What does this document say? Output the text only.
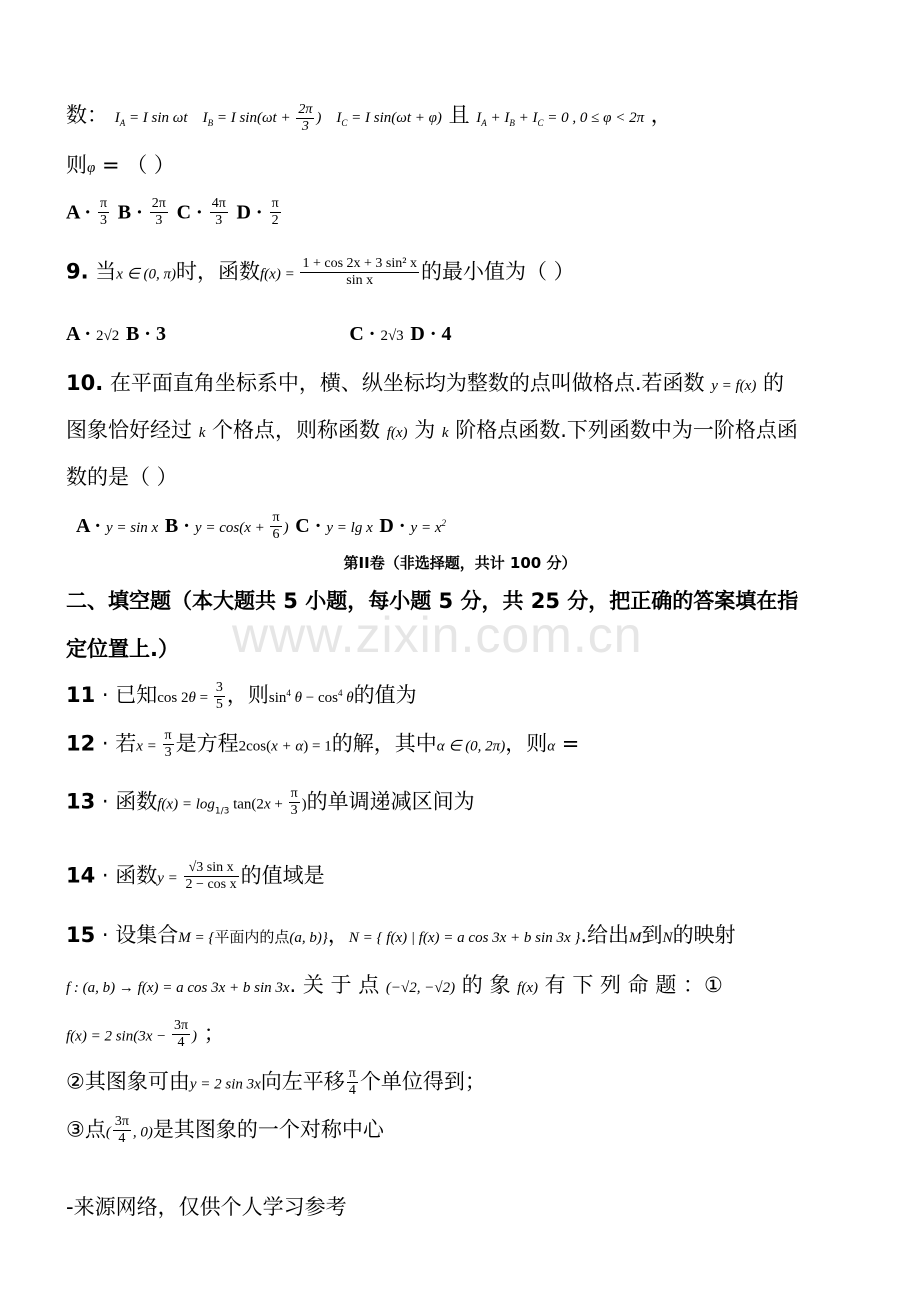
www.zixin.com.cn
数： $I_A = I$ sin ωt    $I_B = I$ $\sin(\omega t + \frac{2\pi}{3}$ )    $I_C = I$ sin(ωt + φ) 且 $I_A + I_B + I_C = 0$ , 0 ≤ φ < 2π ，
则φ = （ ）
$A \cdot \frac{\pi}{3}$ $B \cdot \frac{2\pi}{3}$ $C \cdot \frac{4\pi}{3}$ $D \cdot \frac{\pi}{2}$
9. 当x ∈ (0, π)时，函数$f(x) = \frac{\text{1 + cos 2x + 3 sin² x}}{\text{sin x}}$ 的最小值为（ ）
A · 2√2 B · 3	C · 2√3 D · 4
10. 在平面直角坐标系中，横、纵坐标均为整数的点叫做格点.若函数 y = f(x) 的
图象恰好经过 k 个格点，则称函数 f(x) 为 k 阶格点函数.下列函数中为一阶格点函
数的是（ ）
A · y = sin x $B \cdot y = \cos(x + \frac{\pi}{6}$ ) C · y = lg x $D \cdot y = x^2$
第II卷（非选择题，共计 100 分）
二、填空题（本大题共 5 小题，每小题 5 分，共 25 分，把正确的答案填在指
定位置上.）
11 · 已知$\cos 2\theta = \frac{3}{5}$ ，则$\sin^4 \theta - \cos^4 \theta$的值为
12 · 若$x = \frac{\pi}{3}$ 是方程2cos(x + α) = 1的解，其中α ∈ (0, 2π)，则α =
13 · 函数$f(x) = \log_{1/3} \tan(2x + \frac{\pi}{3}$ )的单调递减区间为
14 · 函数$y = \frac{\text{√3 sin x}}{\text{2 − cos x}}$ 的值域是
15 · 设集合M = {平面内的点(a, b)}，N = { f(x) | f(x) = a cos 3x + b sin 3x }.给出M到N的映射
f : (a, b) → f(x) = a cos 3x + b sin 3x. 关 于 点 (−√2, −√2) 的 象 f(x) 有 下 列 命 题 ：①
f(x) = 2 $\sin(3x - \frac{3\pi}{4}$ ) ；
②其图象可由y = 2 sin 3x向左平移 $\frac{\pi}{4}$ 个单位得到；
③点( $\frac{3\pi}{4}$ , 0)是其图象的一个对称中心
-来源网络，仅供个人学习参考
